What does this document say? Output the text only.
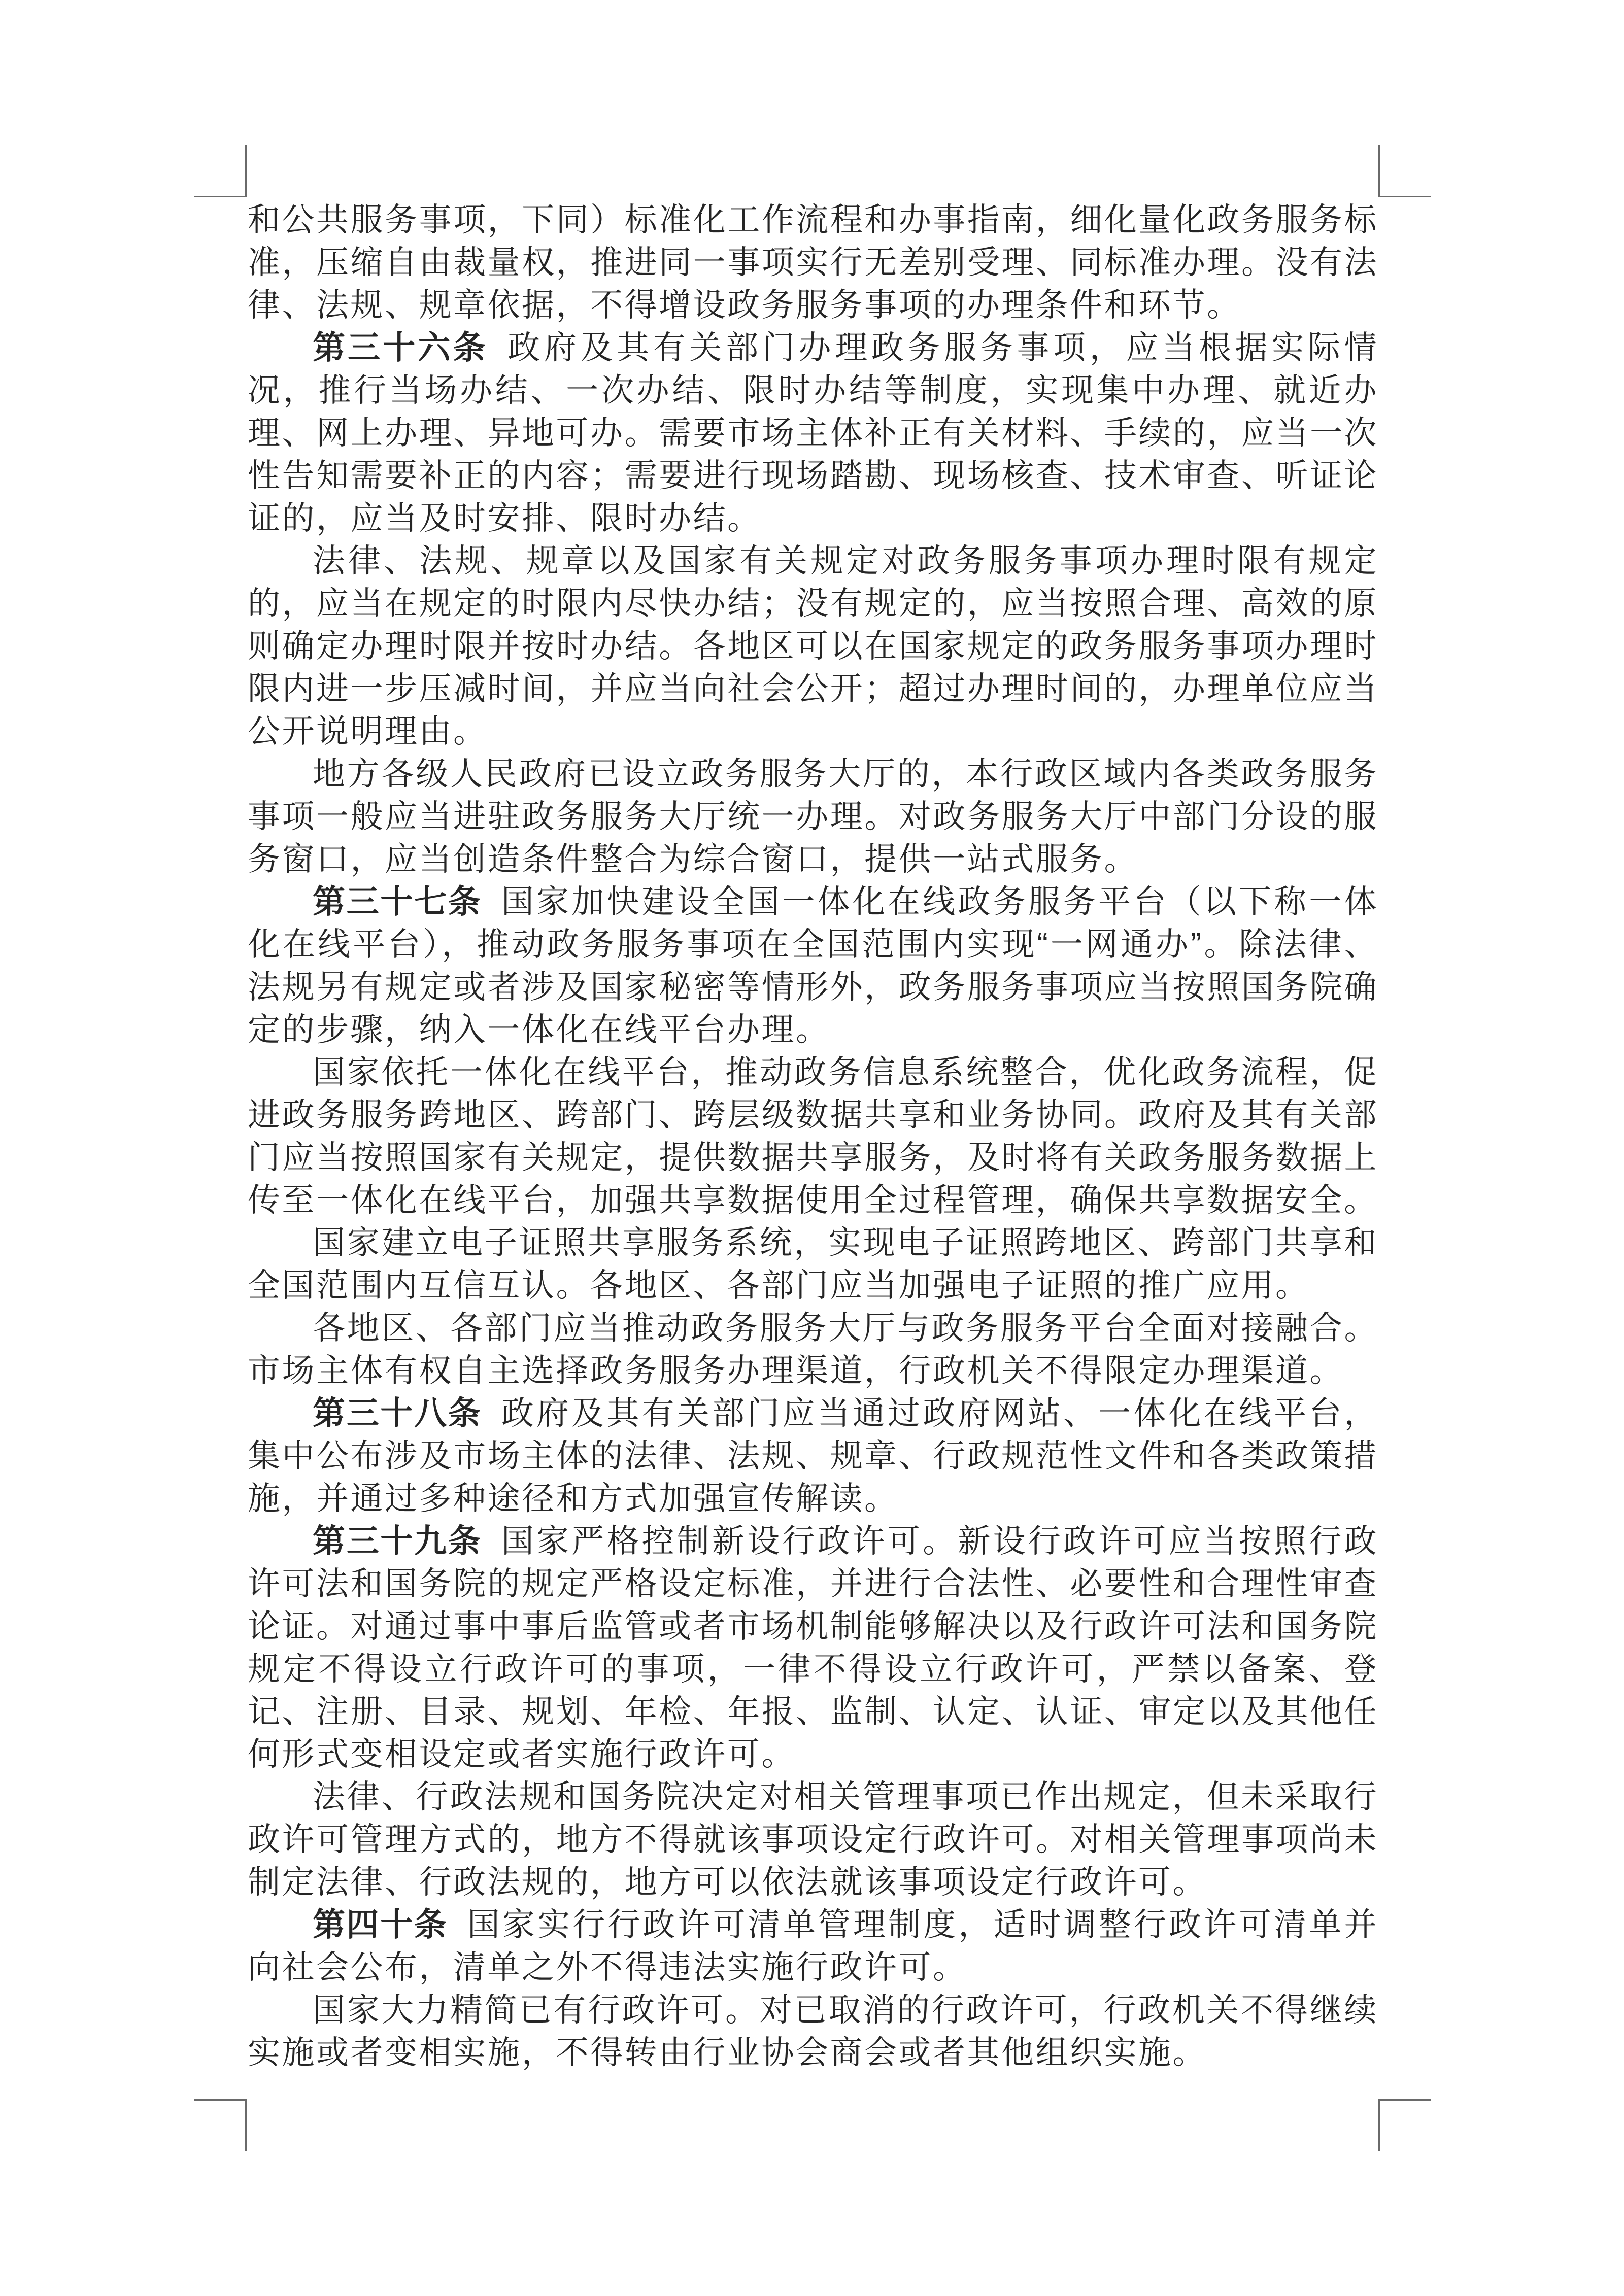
和公共服务事项，下同）标准化工作流程和办事指南，细化量化政务服务标准，压缩自由裁量权，推进同一事项实行无差别受理、同标准办理。没有法律、法规、规章依据，不得增设政务服务事项的办理条件和环节。

第三十六条 政府及其有关部门办理政务服务事项，应当根据实际情况，推行当场办结、一次办结、限时办结等制度，实现集中办理、就近办理、网上办理、异地可办。需要市场主体补正有关材料、手续的，应当一次性告知需要补正的内容；需要进行现场踏勘、现场核查、技术审查、听证论证的，应当及时安排、限时办结。

法律、法规、规章以及国家有关规定对政务服务事项办理时限有规定的，应当在规定的时限内尽快办结；没有规定的，应当按照合理、高效的原则确定办理时限并按时办结。各地区可以在国家规定的政务服务事项办理时限内进一步压减时间，并应当向社会公开；超过办理时间的，办理单位应当公开说明理由。

地方各级人民政府已设立政务服务大厅的，本行政区域内各类政务服务事项一般应当进驻政务服务大厅统一办理。对政务服务大厅中部门分设的服务窗口，应当创造条件整合为综合窗口，提供一站式服务。

第三十七条 国家加快建设全国一体化在线政务服务平台（以下称一体化在线平台），推动政务服务事项在全国范围内实现“一网通办”。除法律、法规另有规定或者涉及国家秘密等情形外，政务服务事项应当按照国务院确定的步骤，纳入一体化在线平台办理。

国家依托一体化在线平台，推动政务信息系统整合，优化政务流程，促进政务服务跨地区、跨部门、跨层级数据共享和业务协同。政府及其有关部门应当按照国家有关规定，提供数据共享服务，及时将有关政务服务数据上传至一体化在线平台，加强共享数据使用全过程管理，确保共享数据安全。

国家建立电子证照共享服务系统，实现电子证照跨地区、跨部门共享和全国范围内互信互认。各地区、各部门应当加强电子证照的推广应用。

各地区、各部门应当推动政务服务大厅与政务服务平台全面对接融合。市场主体有权自主选择政务服务办理渠道，行政机关不得限定办理渠道。

第三十八条 政府及其有关部门应当通过政府网站、一体化在线平台，集中公布涉及市场主体的法律、法规、规章、行政规范性文件和各类政策措施，并通过多种途径和方式加强宣传解读。

第三十九条 国家严格控制新设行政许可。新设行政许可应当按照行政许可法和国务院的规定严格设定标准，并进行合法性、必要性和合理性审查论证。对通过事中事后监管或者市场机制能够解决以及行政许可法和国务院规定不得设立行政许可的事项，一律不得设立行政许可，严禁以备案、登记、注册、目录、规划、年检、年报、监制、认定、认证、审定以及其他任何形式变相设定或者实施行政许可。

法律、行政法规和国务院决定对相关管理事项已作出规定，但未采取行政许可管理方式的，地方不得就该事项设定行政许可。对相关管理事项尚未制定法律、行政法规的，地方可以依法就该事项设定行政许可。

第四十条 国家实行行政许可清单管理制度，适时调整行政许可清单并向社会公布，清单之外不得违法实施行政许可。

国家大力精简已有行政许可。对已取消的行政许可，行政机关不得继续实施或者变相实施，不得转由行业协会商会或者其他组织实施。
